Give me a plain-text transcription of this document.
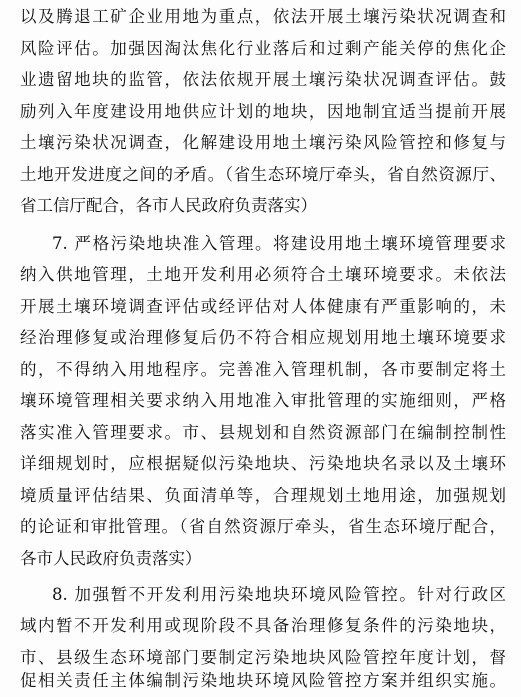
以及腾退工矿企业用地为重点，依法开展土壤污染状况调查和
风险评估。加强因淘汰焦化行业落后和过剩产能关停的焦化企
业遗留地块的监管，依法依规开展土壤污染状况调查评估。鼓
励列入年度建设用地供应计划的地块，因地制宜适当提前开展
土壤污染状况调查，化解建设用地土壤污染风险管控和修复与
土地开发进度之间的矛盾。（省生态环境厅牵头，省自然资源厅、
省工信厅配合，各市人民政府负责落实）
7. 严格污染地块准入管理。将建设用地土壤环境管理要求
纳入供地管理，土地开发利用必须符合土壤环境要求。未依法
开展土壤环境调查评估或经评估对人体健康有严重影响的，未
经治理修复或治理修复后仍不符合相应规划用地土壤环境要求
的，不得纳入用地程序。完善准入管理机制，各市要制定将土
壤环境管理相关要求纳入用地准入审批管理的实施细则，严格
落实准入管理要求。市、县规划和自然资源部门在编制控制性
详细规划时，应根据疑似污染地块、污染地块名录以及土壤环
境质量评估结果、负面清单等，合理规划土地用途，加强规划
的论证和审批管理。（省自然资源厅牵头，省生态环境厅配合，
各市人民政府负责落实）
8. 加强暂不开发利用污染地块环境风险管控。针对行政区
域内暂不开发利用或现阶段不具备治理修复条件的污染地块，
市、县级生态环境部门要制定污染地块风险管控年度计划，督
促相关责任主体编制污染地块环境风险管控方案并组织实施。
